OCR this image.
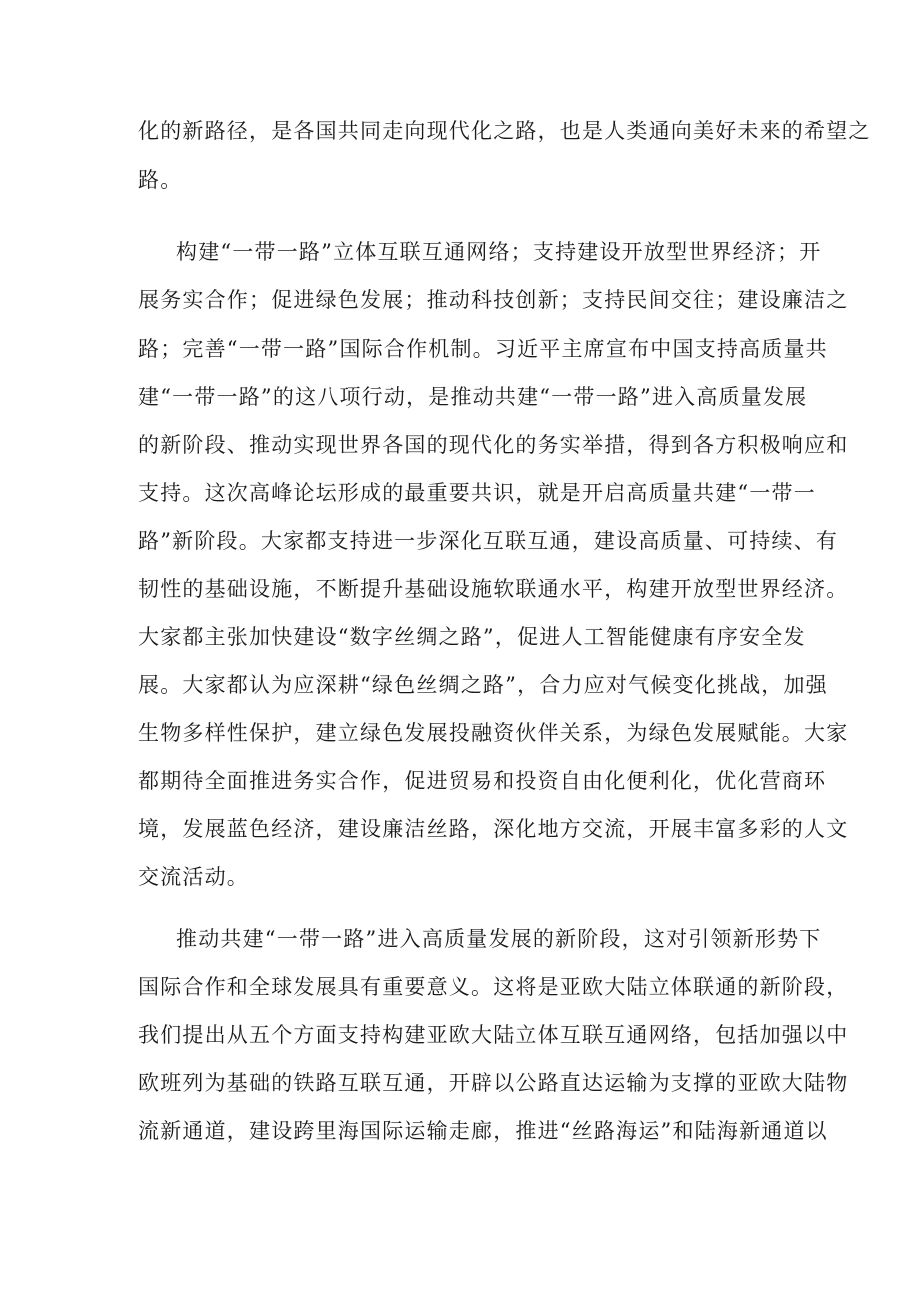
化的新路径，是各国共同走向现代化之路，也是人类通向美好未来的希望之
路。
构建“一带一路”立体互联互通网络；支持建设开放型世界经济；开
展务实合作；促进绿色发展；推动科技创新；支持民间交往；建设廉洁之
路；完善“一带一路”国际合作机制。习近平主席宣布中国支持高质量共
建“一带一路”的这八项行动，是推动共建“一带一路”进入高质量发展
的新阶段、推动实现世界各国的现代化的务实举措，得到各方积极响应和
支持。这次高峰论坛形成的最重要共识，就是开启高质量共建“一带一
路”新阶段。大家都支持进一步深化互联互通，建设高质量、可持续、有
韧性的基础设施，不断提升基础设施软联通水平，构建开放型世界经济。
大家都主张加快建设“数字丝绸之路”，促进人工智能健康有序安全发
展。大家都认为应深耕“绿色丝绸之路”，合力应对气候变化挑战，加强
生物多样性保护，建立绿色发展投融资伙伴关系，为绿色发展赋能。大家
都期待全面推进务实合作，促进贸易和投资自由化便利化，优化营商环
境，发展蓝色经济，建设廉洁丝路，深化地方交流，开展丰富多彩的人文
交流活动。
推动共建“一带一路”进入高质量发展的新阶段，这对引领新形势下
国际合作和全球发展具有重要意义。这将是亚欧大陆立体联通的新阶段，
我们提出从五个方面支持构建亚欧大陆立体互联互通网络，包括加强以中
欧班列为基础的铁路互联互通，开辟以公路直达运输为支撑的亚欧大陆物
流新通道，建设跨里海国际运输走廊，推进“丝路海运”和陆海新通道以
